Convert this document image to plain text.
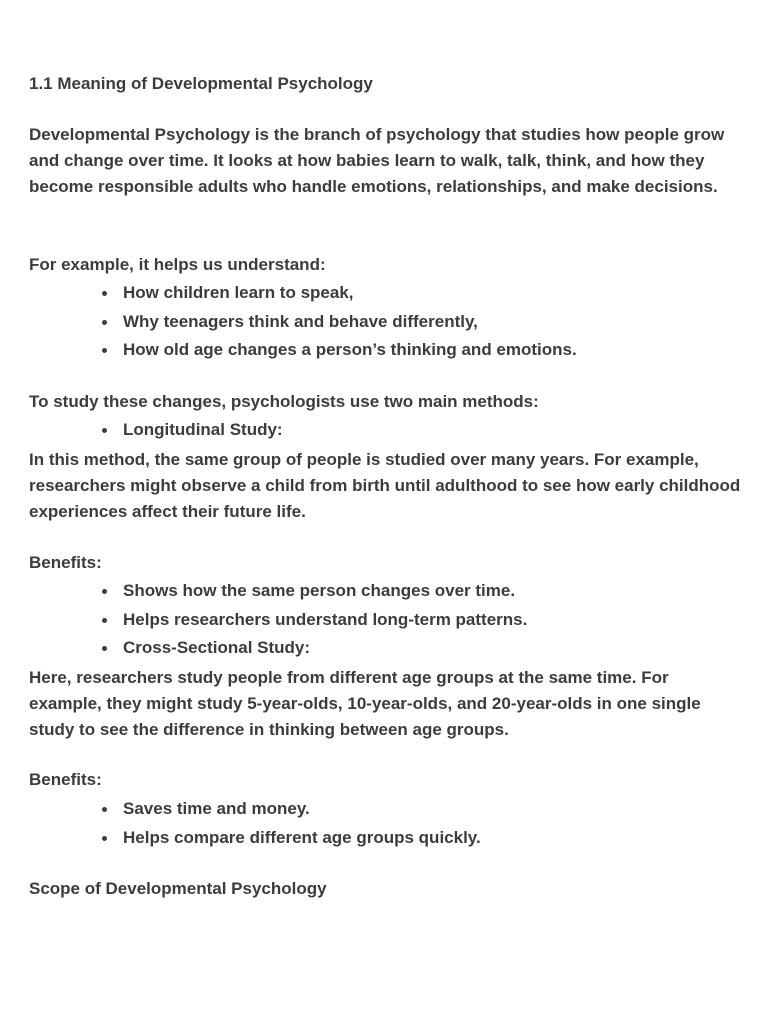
1.1 Meaning of Developmental Psychology

Developmental Psychology is the branch of psychology that studies how people grow and change over time. It looks at how babies learn to walk, talk, think, and how they become responsible adults who handle emotions, relationships, and make decisions.

For example, it helps us understand:

How children learn to speak,
Why teenagers think and behave differently,
How old age changes a person’s thinking and emotions.

To study these changes, psychologists use two main methods:

Longitudinal Study:

In this method, the same group of people is studied over many years. For example, researchers might observe a child from birth until adulthood to see how early childhood experiences affect their future life.

Benefits:

Shows how the same person changes over time.
Helps researchers understand long-term patterns.
Cross-Sectional Study:

Here, researchers study people from different age groups at the same time. For example, they might study 5-year-olds, 10-year-olds, and 20-year-olds in one single study to see the difference in thinking between age groups.

Benefits:

Saves time and money.
Helps compare different age groups quickly.

Scope of Developmental Psychology
